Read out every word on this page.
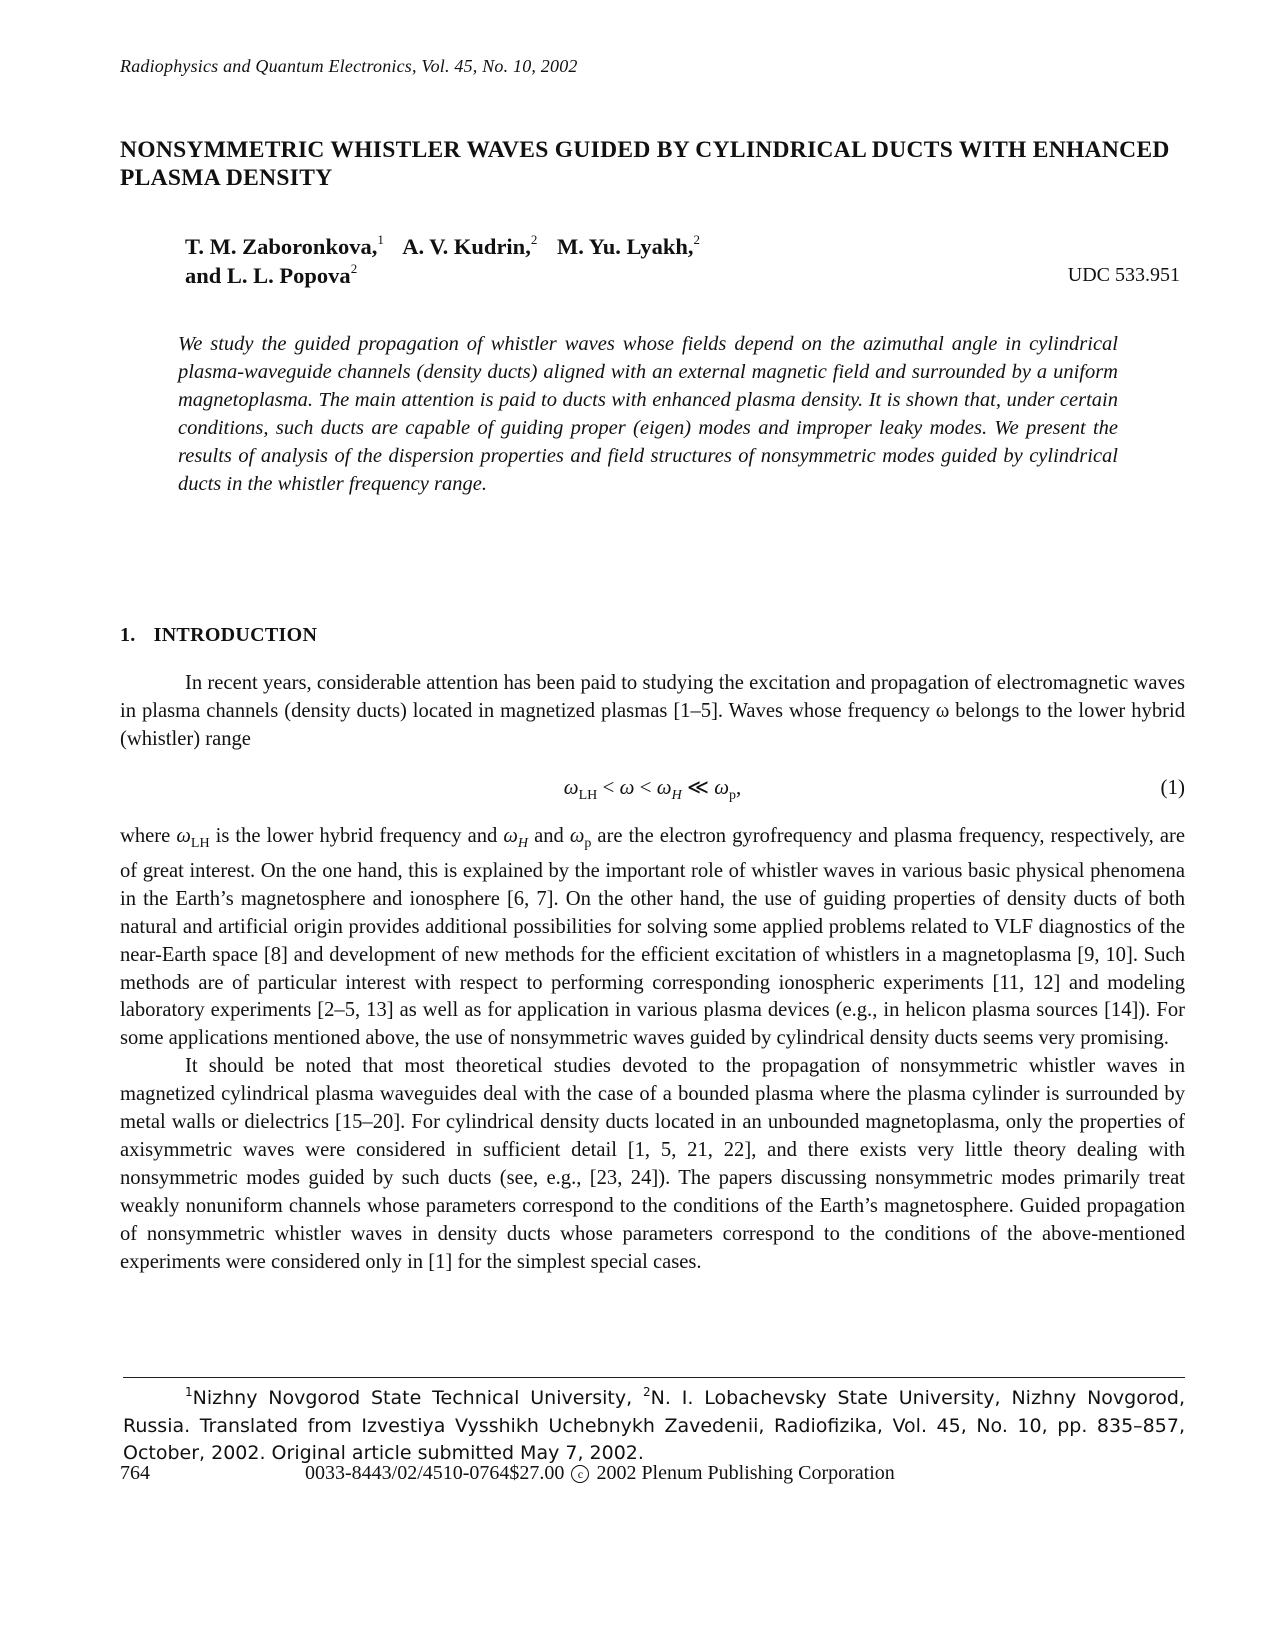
Radiophysics and Quantum Electronics, Vol. 45, No. 10, 2002
NONSYMMETRIC WHISTLER WAVES GUIDED BY CYLINDRICAL DUCTS WITH ENHANCED PLASMA DENSITY
T. M. Zaboronkova,$^1$ A. V. Kudrin,$^2$ M. Yu. Lyakh,$^2$
and L. L. Popova$^2$	UDC 533.951
We study the guided propagation of whistler waves whose fields depend on the azimuthal angle in cylindrical plasma-waveguide channels (density ducts) aligned with an external magnetic field and surrounded by a uniform magnetoplasma. The main attention is paid to ducts with enhanced plasma density. It is shown that, under certain conditions, such ducts are capable of guiding proper (eigen) modes and improper leaky modes. We present the results of analysis of the dispersion properties and field structures of nonsymmetric modes guided by cylindrical ducts in the whistler frequency range.
1. INTRODUCTION

In recent years, considerable attention has been paid to studying the excitation and propagation of electromagnetic waves in plasma channels (density ducts) located in magnetized plasmas [1–5]. Waves whose frequency ω belongs to the lower hybrid (whistler) range

$\omega_{LH} < \omega < \omega_H$ ≪ $\omega_p$,	(1)

where $\omega_{LH}$ is the lower hybrid frequency and $\omega_H$ and $\omega_p$ are the electron gyrofrequency and plasma frequency, respectively, are of great interest. On the one hand, this is explained by the important role of whistler waves in various basic physical phenomena in the Earth’s magnetosphere and ionosphere [6, 7]. On the other hand, the use of guiding properties of density ducts of both natural and artificial origin provides additional possibilities for solving some applied problems related to VLF diagnostics of the near-Earth space [8] and development of new methods for the efficient excitation of whistlers in a magnetoplasma [9, 10]. Such methods are of particular interest with respect to performing corresponding ionospheric experiments [11, 12] and modeling laboratory experiments [2–5, 13] as well as for application in various plasma devices (e.g., in helicon plasma sources [14]). For some applications mentioned above, the use of nonsymmetric waves guided by cylindrical density ducts seems very promising.

It should be noted that most theoretical studies devoted to the propagation of nonsymmetric whistler waves in magnetized cylindrical plasma waveguides deal with the case of a bounded plasma where the plasma cylinder is surrounded by metal walls or dielectrics [15–20]. For cylindrical density ducts located in an unbounded magnetoplasma, only the properties of axisymmetric waves were considered in sufficient detail [1, 5, 21, 22], and there exists very little theory dealing with nonsymmetric modes guided by such ducts (see, e.g., [23, 24]). The papers discussing nonsymmetric modes primarily treat weakly nonuniform channels whose parameters correspond to the conditions of the Earth’s magnetosphere. Guided propagation of nonsymmetric whistler waves in density ducts whose parameters correspond to the conditions of the above-mentioned experiments were considered only in [1] for the simplest special cases.

$^1$Nizhny Novgorod State Technical University, $^2$N. I. Lobachevsky State University, Nizhny Novgorod, Russia. Translated from Izvestiya Vysshikh Uchebnykh Zavedenii, Radiofizika, Vol. 45, No. 10, pp. 835–857, October, 2002. Original article submitted May 7, 2002.
764	0033-8443/02/4510-0764$27.00 c 2002 Plenum Publishing Corporation
